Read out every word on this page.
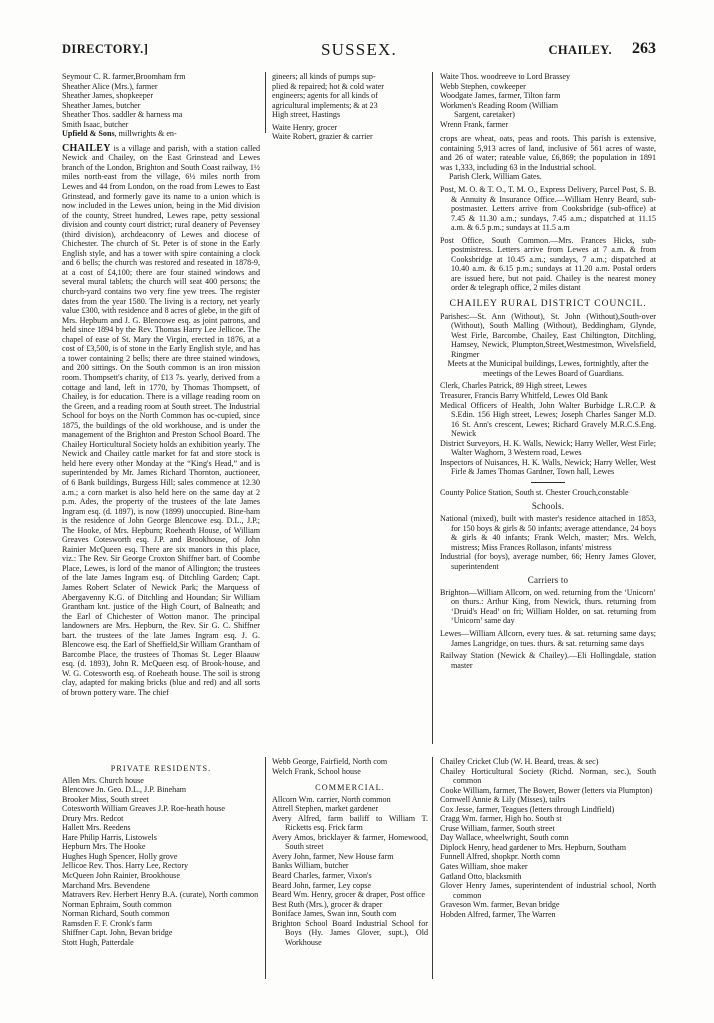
DIRECTORY.]	SUSSEX.	CHAILEY. 263

Seymour C. R. farmer,Broomham frm

Sheather Alice (Mrs.), farmer

Sheather James, shopkeeper

Sheather James, butcher

Sheather Thos. saddler & harness ma

Smith Isaac, butcher

Upfield & Sons, millwrights & en-

CHAILEY is a village and parish, with a station called Newick and Chailey, on the East Grinstead and Lewes branch of the London, Brighton and South Coast railway, 1½ miles north-east from the village, 6½ miles north from Lewes and 44 from London, on the road from Lewes to East Grinstead, and formerly gave its name to a union which is now included in the Lewes union, being in the Mid division of the county, Street hundred, Lewes rape, petty sessional division and county court district; rural deanery of Pevensey (third division), archdeaconry of Lewes and diocese of Chichester. The church of St. Peter is of stone in the Early English style, and has a tower with spire containing a clock and 6 bells; the church was restored and reseated in 1878-9, at a cost of £4,100; there are four stained windows and several mural tablets; the church will seat 400 persons; the church-yard contains two very fine yew trees. The register dates from the year 1580. The living is a rectory, net yearly value £300, with residence and 8 acres of glebe, in the gift of Mrs. Hepburn and J. G. Blencowe esq. as joint patrons, and held since 1894 by the Rev. Thomas Harry Lee Jellicoe. The chapel of ease of St. Mary the Virgin, erected in 1876, at a cost of £3,500, is of stone in the Early English style, and has a tower containing 2 bells; there are three stained windows, and 200 sittings. On the South common is an iron mission room. Thompsett's charity, of £13 7s. yearly, derived from a cottage and land, left in 1770, by Thomas Thompsett, of Chailey, is for education. There is a village reading room on the Green, and a reading room at South street. The Industrial School for boys on the North Common has oc-cupied, since 1875, the buildings of the old workhouse, and is under the management of the Brighton and Preston School Board. The Chailey Horticultural Society holds an exhibition yearly. The Newick and Chailey cattle market for fat and store stock is held here every other Monday at the “King's Head,” and is superintended by Mr. James Richard Thornton, auctioneer, of 6 Bank buildings, Burgess Hill; sales commence at 12.30 a.m.; a corn market is also held here on the same day at 2 p.m. Ades, the property of the trustees of the late James Ingram esq. (d. 1897), is now (1899) unoccupied. Bine-ham is the residence of John George Blencowe esq. D.L., J.P.; The Hooke, of Mrs. Hepburn; Roeheath House, of William Greaves Cotesworth esq. J.P. and Brookhouse, of John Rainier McQueen esq. There are six manors in this place, viz.: The Rev. Sir George Croxton Shiffner bart. of Coombe Place, Lewes, is lord of the manor of Allington; the trustees of the late James Ingram esq. of Ditchling Garden; Capt. James Robert Sclater of Newick Park; the Marquess of Abergavenny K.G. of Ditchling and Houndan; Sir William Grantham knt. justice of the High Court, of Balneath; and the Earl of Chichester of Wotton manor. The principal landowners are Mrs. Hepburn, the Rev. Sir G. C. Shiffner bart. the trustees of the late James Ingram esq. J. G. Blencowe esq. the Earl of Sheffield,Sir William Grantham of Barcombe Place, the trustees of Thomas St. Leger Blaauw esq. (d. 1893), John R. McQueen esq. of Brook-house, and W. G. Cotesworth esq. of Roeheath house. The soil is strong clay, adapted for making bricks (blue and red) and all sorts of brown pottery ware. The chief

gineers; all kinds of pumps sup-

plied & repaired; hot & cold water

engineers; agents for all kinds of

agricultural implements; & at 23

High street, Hastings

Waite Henry, grocer

Waite Robert, grazier & carrier

Waite Thos. woodreeve to Lord Brassey

Webb Stephen, cowkeeper

Woodgate James, farmer, Tilton farm

Workmen's Reading Room (William

Sargent, caretaker)

Wrenn Frank, farmer

crops are wheat, oats, peas and roots. This parish is extensive, containing 5,913 acres of land, inclusive of 561 acres of waste, and 26 of water; rateable value, £6,869; the population in 1891 was 1,333, including 63 in the Industrial school.

Parish Clerk, William Gates.

Post, M. O. & T. O., T. M. O., Express Delivery, Parcel Post, S. B. & Annuity & Insurance Office.—William Henry Beard, sub-postmaster. Letters arrive from Cooksbridge (sub-office) at 7.45 & 11.30 a.m.; sundays, 7.45 a.m.; dispatched at 11.15 a.m. & 6.5 p.m.; sundays at 11.5 a.m

Post Office, South Common.—Mrs. Frances Hicks, sub-postmistress. Letters arrive from Lewes at 7 a.m. & from Cooksbridge at 10.45 a.m.; sundays, 7 a.m.; dispatched at 10.40 a.m. & 6.15 p.m.; sundays at 11.20 a.m. Postal orders are issued here, but not paid. Chailey is the nearest money order & telegraph office, 2 miles distant

CHAILEY RURAL DISTRICT COUNCIL.

Parishes:—St. Ann (Without), St. John (Without),South-over (Without), South Malling (Without), Beddingham, Glynde, West Firle, Barcombe, Chailey, East Chiltington, Ditchling, Hamsey, Newick, Plumpton,Street,Westmestmon, Wivelsfield, Ringmer

Meets at the Municipal buildings, Lewes, fortnightly, after the meetings of the Lewes Board of Guardians.

Clerk, Charles Patrick, 89 High street, Lewes

Treasurer, Francis Barry Whitfeld, Lewes Old Bank

Medical Officers of Health, John Walter Burbidge L.R.C.P. & S.Edin. 156 High street, Lewes; Joseph Charles Sanger M.D. 16 St. Ann's crescent, Lewes; Richard Gravely M.R.C.S.Eng. Newick

District Surveyors, H. K. Walls, Newick; Harry Weller, West Firle; Walter Waghorn, 3 Western road, Lewes

Inspectors of Nuisances, H. K. Walls, Newick; Harry Weller, West Firle & James Thomas Gardner, Town hall, Lewes

County Police Station, South st. Chester Crouch,constable

Schools.

National (mixed), built with master's residence attached in 1853, for 150 boys & girls & 50 infants; average attendance, 24 boys & girls & 40 infants; Frank Welch, master; Mrs. Welch, mistress; Miss Frances Rollason, infants' mistress

Industrial (for boys), average number, 66; Henry James Glover, superintendent

Carriers to

Brighton—William Allcorn, on wed. returning from the ‘Unicorn’ on thurs.: Arthur King, from Newick, thurs. returning from ‘Druid's Head’ on fri; William Holder, on sat. returning from ‘Unicorn’ same day

Lewes—William Allcorn, every tues. & sat. returning same days; James Langridge, on tues. thurs. & sat. returning same days

Railway Station (Newick & Chailey).—Eli Hollingdale, station master

PRIVATE RESIDENTS.

Allen Mrs. Church house

Blencowe Jn. Geo. D.L., J.P. Bineham

Brooker Miss, South street

Cotesworth William Greaves J.P. Roe-heath house

Drury Mrs. Redcot

Hallett Mrs. Reedens

Hare Philip Harris, Listowels

Hepburn Mrs. The Hooke

Hughes Hugh Spencer, Holly grove

Jellicoe Rev. Thos. Harry Lee, Rectory

McQueen John Rainier, Brookhouse

Marchand Mrs. Bevendene

Matravers Rev. Herbert Henry B.A. (curate), North common

Norman Ephraim, South common

Norman Richard, South common

Ramsden F. F. Cronk's farm

Shiffner Capt. John, Bevan bridge

Stott Hugh, Patterdale

Webb George, Fairfield, North com

Welch Frank, School house

COMMERCIAL.

Allcorn Wm. carrier, North common

Attrell Stephen, market gardener

Avery Alfred, farm bailiff to William T. Ricketts esq. Frick farm

Avery Amos, bricklayer & farmer, Homewood, South street

Avery John, farmer, New House farm

Banks William, butcher

Beard Charles, farmer, Vixon's

Beard John, farmer, Ley copse

Beard Wm. Henry, grocer & draper, Post office

Best Ruth (Mrs.), grocer & draper

Boniface James, Swan inn, South com

Brighton School Board Industrial School for Boys (Hy. James Glover, supt.), Old Workhouse

Chailey Cricket Club (W. H. Beard, treas. & sec)

Chailey Horticultural Society (Richd. Norman, sec.), South common

Cooke William, farmer, The Bower, Bower (letters via Plumpton)

Cornwell Annie & Lily (Misses), tailrs

Cox Jesse, farmer, Teagues (letters through Lindfield)

Cragg Wm. farmer, High ho. South st

Cruse William, farmer, South street

Day Wallace, wheelwright, South comn

Diplock Henry, head gardener to Mrs. Hepburn, Southam

Funnell Alfred, shopkpr. North comn

Gates William, shoe maker

Gatland Otto, blacksmith

Glover Henry James, superintendent of industrial school, North common

Graveson Wm. farmer, Bevan bridge

Hobden Alfred, farmer, The Warren
